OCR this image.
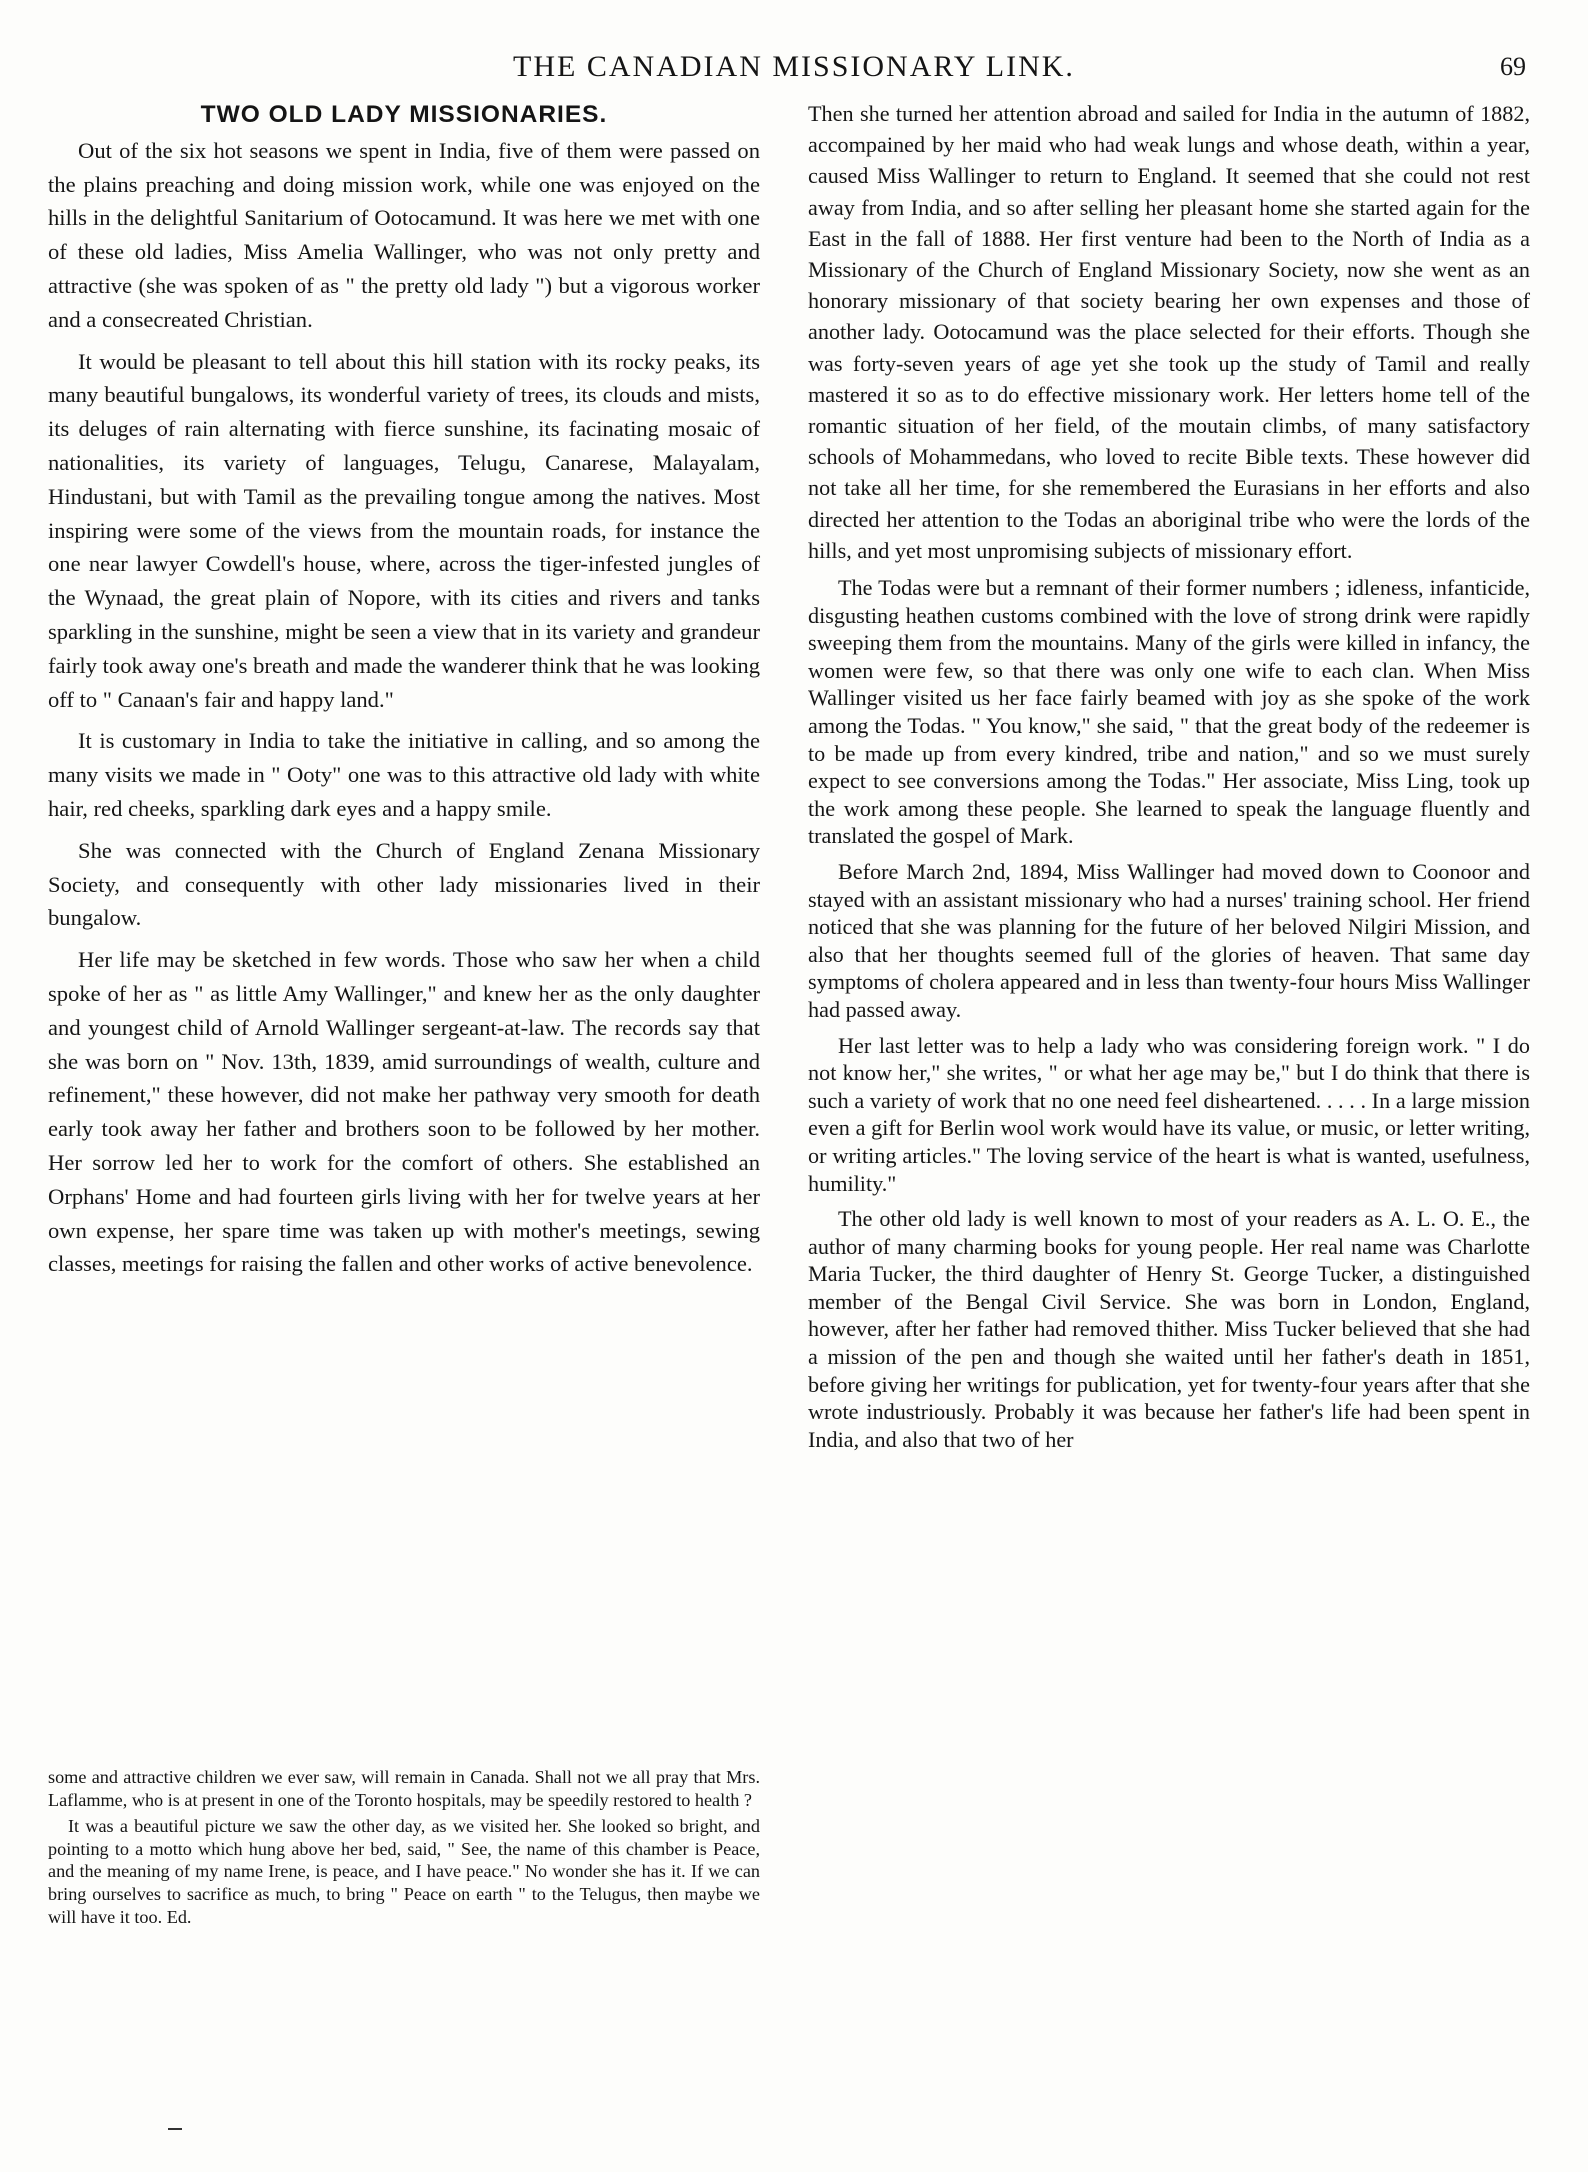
THE CANADIAN MISSIONARY LINK.	69
TWO OLD LADY MISSIONARIES.

Out of the six hot seasons we spent in India, five of them were passed on the plains preaching and doing mission work, while one was enjoyed on the hills in the delightful Sanitarium of Ootocamund. It was here we met with one of these old ladies, Miss Amelia Wallinger, who was not only pretty and attractive (she was spoken of as " the pretty old lady ") but a vigorous worker and a consecreated Christian.

It would be pleasant to tell about this hill station with its rocky peaks, its many beautiful bungalows, its wonderful variety of trees, its clouds and mists, its deluges of rain alternating with fierce sunshine, its facinating mosaic of nationalities, its variety of languages, Telugu, Canarese, Malayalam, Hindustani, but with Tamil as the prevailing tongue among the natives. Most inspiring were some of the views from the mountain roads, for instance the one near lawyer Cowdell's house, where, across the tiger-infested jungles of the Wynaad, the great plain of Nopore, with its cities and rivers and tanks sparkling in the sunshine, might be seen a view that in its variety and grandeur fairly took away one's breath and made the wanderer think that he was looking off to " Canaan's fair and happy land."

It is customary in India to take the initiative in calling, and so among the many visits we made in " Ooty" one was to this attractive old lady with white hair, red cheeks, sparkling dark eyes and a happy smile.

She was connected with the Church of England Zenana Missionary Society, and consequently with other lady missionaries lived in their bungalow.

Her life may be sketched in few words. Those who saw her when a child spoke of her as " as little Amy Wallinger," and knew her as the only daughter and youngest child of Arnold Wallinger sergeant-at-law. The records say that she was born on " Nov. 13th, 1839, amid surroundings of wealth, culture and refinement," these however, did not make her pathway very smooth for death early took away her father and brothers soon to be followed by her mother. Her sorrow led her to work for the comfort of others. She established an Orphans' Home and had fourteen girls living with her for twelve years at her own expense, her spare time was taken up with mother's meetings, sewing classes, meetings for raising the fallen and other works of active benevolence.

some and attractive children we ever saw, will remain in Canada. Shall not we all pray that Mrs. Laflamme, who is at present in one of the Toronto hospitals, may be speedily restored to health ?

It was a beautiful picture we saw the other day, as we visited her. She looked so bright, and pointing to a motto which hung above her bed, said, " See, the name of this chamber is Peace, and the meaning of my name Irene, is peace, and I have peace." No wonder she has it. If we can bring ourselves to sacrifice as much, to bring " Peace on earth " to the Telugus, then maybe we will have it too. Ed.

Then she turned her attention abroad and sailed for India in the autumn of 1882, accompained by her maid who had weak lungs and whose death, within a year, caused Miss Wallinger to return to England. It seemed that she could not rest away from India, and so after selling her pleasant home she started again for the East in the fall of 1888. Her first venture had been to the North of India as a Missionary of the Church of England Missionary Society, now she went as an honorary missionary of that society bearing her own expenses and those of another lady. Ootocamund was the place selected for their efforts. Though she was forty-seven years of age yet she took up the study of Tamil and really mastered it so as to do effective missionary work. Her letters home tell of the romantic situation of her field, of the moutain climbs, of many satisfactory schools of Mohammedans, who loved to recite Bible texts. These however did not take all her time, for she remembered the Eurasians in her efforts and also directed her attention to the Todas an aboriginal tribe who were the lords of the hills, and yet most unpromising subjects of missionary effort.

The Todas were but a remnant of their former numbers ; idleness, infanticide, disgusting heathen customs combined with the love of strong drink were rapidly sweeping them from the mountains. Many of the girls were killed in infancy, the women were few, so that there was only one wife to each clan. When Miss Wallinger visited us her face fairly beamed with joy as she spoke of the work among the Todas. " You know," she said, " that the great body of the redeemer is to be made up from every kindred, tribe and nation," and so we must surely expect to see conversions among the Todas." Her associate, Miss Ling, took up the work among these people. She learned to speak the language fluently and translated the gospel of Mark.

Before March 2nd, 1894, Miss Wallinger had moved down to Coonoor and stayed with an assistant missionary who had a nurses' training school. Her friend noticed that she was planning for the future of her beloved Nilgiri Mission, and also that her thoughts seemed full of the glories of heaven. That same day symptoms of cholera appeared and in less than twenty-four hours Miss Wallinger had passed away.

Her last letter was to help a lady who was considering foreign work. " I do not know her," she writes, " or what her age may be," but I do think that there is such a variety of work that no one need feel disheartened. . . . . In a large mission even a gift for Berlin wool work would have its value, or music, or letter writing, or writing articles." The loving service of the heart is what is wanted, usefulness, humility."

The other old lady is well known to most of your readers as A. L. O. E., the author of many charming books for young people. Her real name was Charlotte Maria Tucker, the third daughter of Henry St. George Tucker, a distinguished member of the Bengal Civil Service. She was born in London, England, however, after her father had removed thither. Miss Tucker believed that she had a mission of the pen and though she waited until her father's death in 1851, before giving her writings for publication, yet for twenty-four years after that she wrote industriously. Probably it was because her father's life had been spent in India, and also that two of her
